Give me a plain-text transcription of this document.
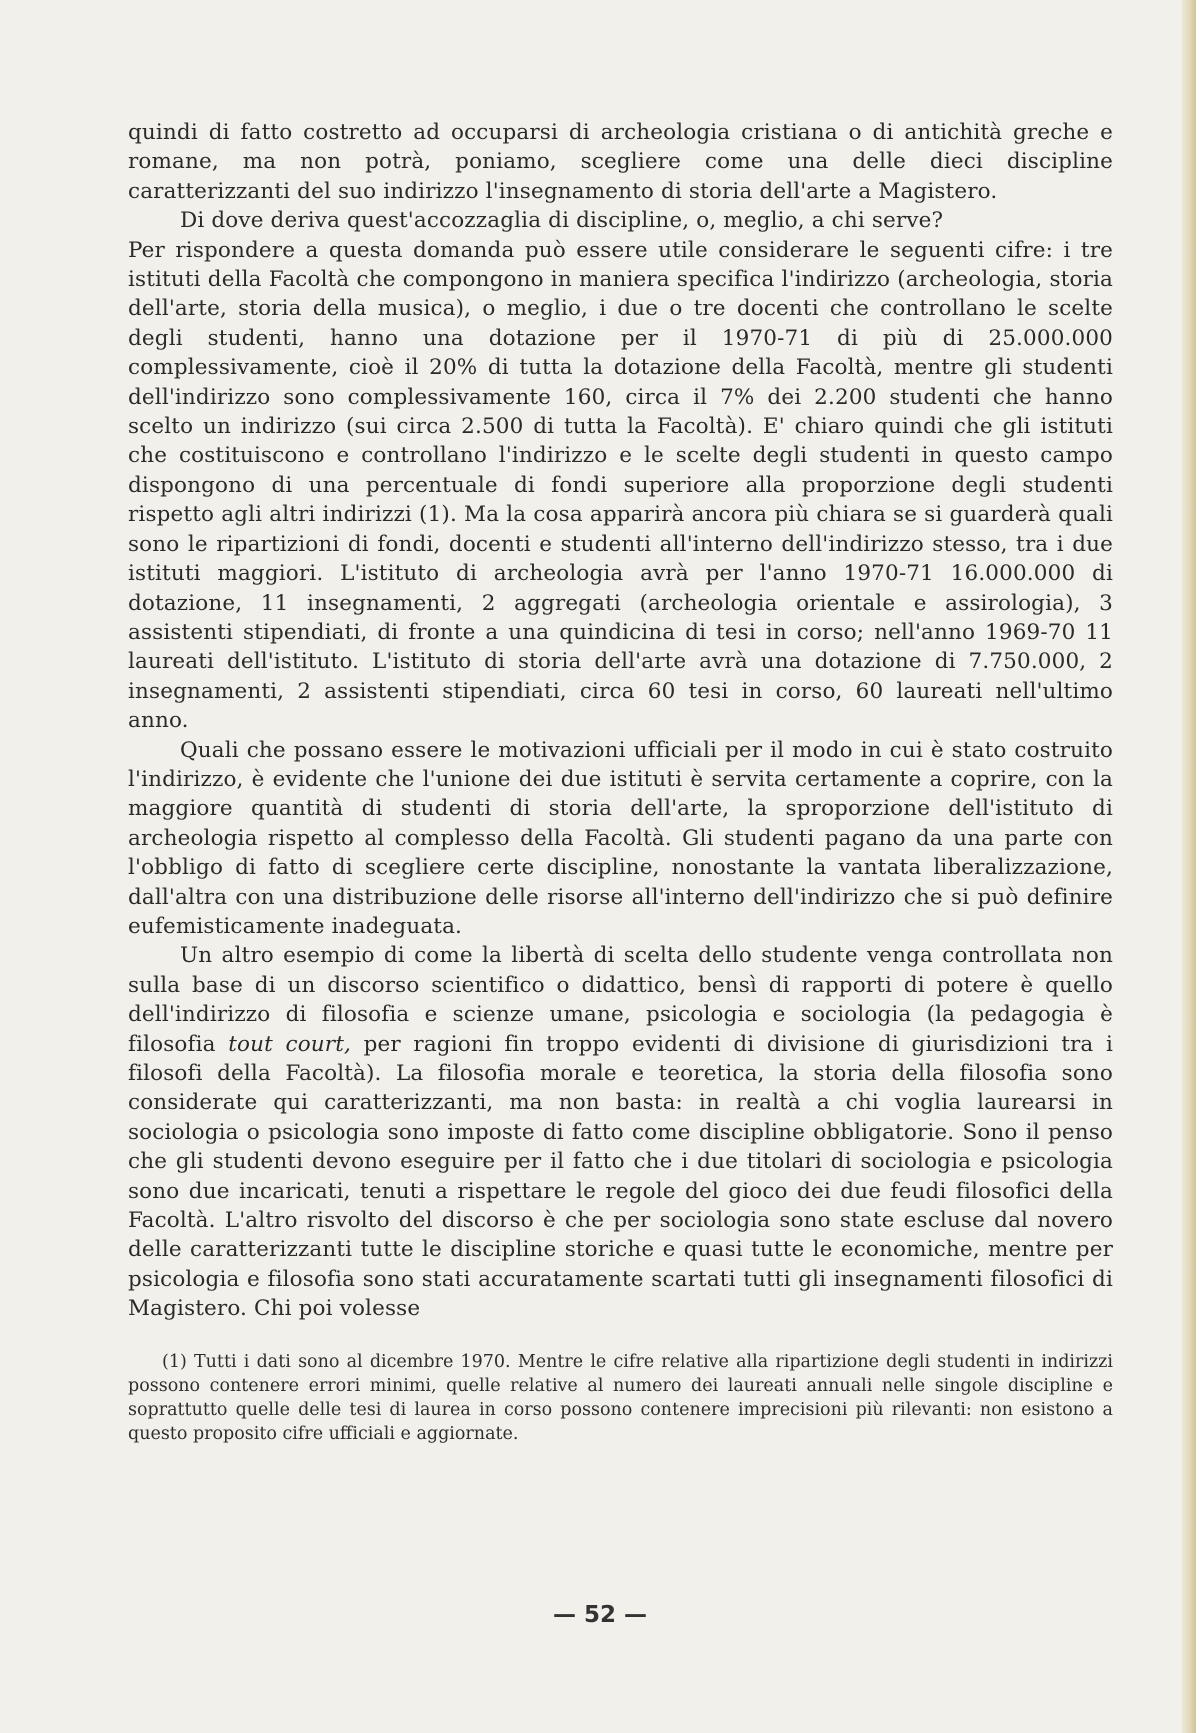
quindi di fatto costretto ad occuparsi di archeologia cristiana o di antichità greche e romane, ma non potrà, poniamo, scegliere come una delle dieci discipline caratterizzanti del suo indirizzo l'insegnamento di storia dell'arte a Magistero.

Di dove deriva quest'accozzaglia di discipline, o, meglio, a chi serve?

Per rispondere a questa domanda può essere utile considerare le seguenti cifre: i tre istituti della Facoltà che compongono in maniera specifica l'indirizzo (archeologia, storia dell'arte, storia della musica), o meglio, i due o tre docenti che controllano le scelte degli studenti, hanno una dotazione per il 1970-71 di più di 25.000.000 complessivamente, cioè il 20% di tutta la dotazione della Facoltà, mentre gli studenti dell'indirizzo sono complessivamente 160, circa il 7% dei 2.200 studenti che hanno scelto un indirizzo (sui circa 2.500 di tutta la Facoltà). E' chiaro quindi che gli istituti che costituiscono e controllano l'indirizzo e le scelte degli studenti in questo campo dispongono di una percentuale di fondi superiore alla proporzione degli studenti rispetto agli altri indirizzi (1). Ma la cosa apparirà ancora più chiara se si guarderà quali sono le ripartizioni di fondi, docenti e studenti all'interno dell'indirizzo stesso, tra i due istituti maggiori. L'istituto di archeologia avrà per l'anno 1970-71 16.000.000 di dotazione, 11 insegnamenti, 2 aggregati (archeologia orientale e assirologia), 3 assistenti stipendiati, di fronte a una quindicina di tesi in corso; nell'anno 1969-70 11 laureati dell'istituto. L'istituto di storia dell'arte avrà una dotazione di 7.750.000, 2 insegnamenti, 2 assistenti stipendiati, circa 60 tesi in corso, 60 laureati nell'ultimo anno.

Quali che possano essere le motivazioni ufficiali per il modo in cui è stato costruito l'indirizzo, è evidente che l'unione dei due istituti è servita certamente a coprire, con la maggiore quantità di studenti di storia dell'arte, la sproporzione dell'istituto di archeologia rispetto al complesso della Facoltà. Gli studenti pagano da una parte con l'obbligo di fatto di scegliere certe discipline, nonostante la vantata liberalizzazione, dall'altra con una distribuzione delle risorse all'interno dell'indirizzo che si può definire eufemisticamente inadeguata.

Un altro esempio di come la libertà di scelta dello studente venga controllata non sulla base di un discorso scientifico o didattico, bensì di rapporti di potere è quello dell'indirizzo di filosofia e scienze umane, psicologia e sociologia (la pedagogia è filosofia tout court, per ragioni fin troppo evidenti di divisione di giurisdizioni tra i filosofi della Facoltà). La filosofia morale e teoretica, la storia della filosofia sono considerate qui caratterizzanti, ma non basta: in realtà a chi voglia laurearsi in sociologia o psicologia sono imposte di fatto come discipline obbligatorie. Sono il penso che gli studenti devono eseguire per il fatto che i due titolari di sociologia e psicologia sono due incaricati, tenuti a rispettare le regole del gioco dei due feudi filosofici della Facoltà. L'altro risvolto del discorso è che per sociologia sono state escluse dal novero delle caratterizzanti tutte le discipline storiche e quasi tutte le economiche, mentre per psicologia e filosofia sono stati accuratamente scartati tutti gli insegnamenti filosofici di Magistero. Chi poi volesse

(1) Tutti i dati sono al dicembre 1970. Mentre le cifre relative alla ripartizione degli studenti in indirizzi possono contenere errori minimi, quelle relative al numero dei laureati annuali nelle singole discipline e soprattutto quelle delle tesi di laurea in corso possono contenere imprecisioni più rilevanti: non esistono a questo proposito cifre ufficiali e aggiornate.

— 52 —
